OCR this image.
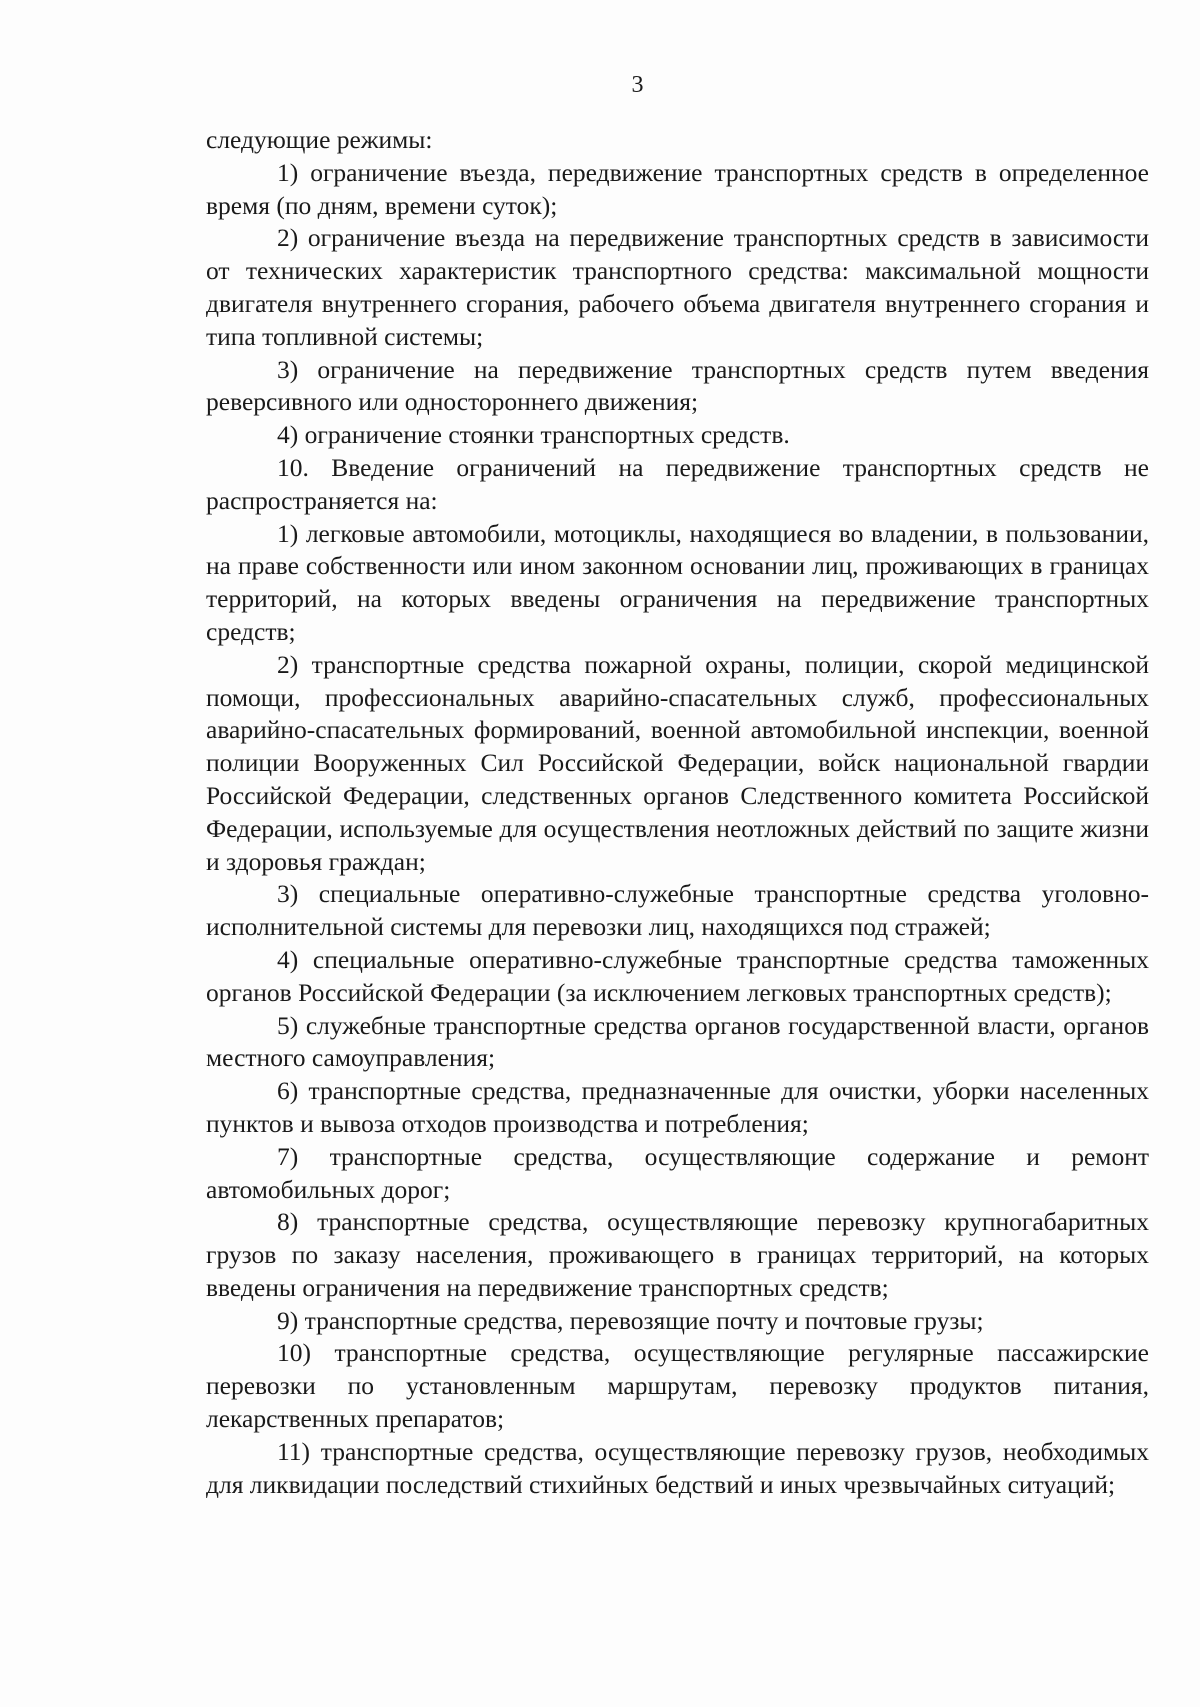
3

следующие режимы:

1) ограничение въезда, передвижение транспортных средств в определенное время (по дням, времени суток);

2) ограничение въезда на передвижение транспортных средств в зависимости от технических характеристик транспортного средства: максимальной мощности двигателя внутреннего сгорания, рабочего объема двигателя внутреннего сгорания и типа топливной системы;

3) ограничение на передвижение транспортных средств путем введения реверсивного или одностороннего движения;

4) ограничение стоянки транспортных средств.

10. Введение ограничений на передвижение транспортных средств не распространяется на:

1) легковые автомобили, мотоциклы, находящиеся во владении, в пользовании, на праве собственности или ином законном основании лиц, проживающих в границах территорий, на которых введены ограничения на передвижение транспортных средств;

2) транспортные средства пожарной охраны, полиции, скорой медицинской помощи, профессиональных аварийно-спасательных служб, профессиональных аварийно-спасательных формирований, военной автомобильной инспекции, военной полиции Вооруженных Сил Российской Федерации, войск национальной гвардии Российской Федерации, следственных органов Следственного комитета Российской Федерации, используемые для осуществления неотложных действий по защите жизни и здоровья граждан;

3) специальные оперативно-служебные транспортные средства уголовно-исполнительной системы для перевозки лиц, находящихся под стражей;

4) специальные оперативно-служебные транспортные средства таможенных органов Российской Федерации (за исключением легковых транспортных средств);

5) служебные транспортные средства органов государственной власти, органов местного самоуправления;

6) транспортные средства, предназначенные для очистки, уборки населенных пунктов и вывоза отходов производства и потребления;

7) транспортные средства, осуществляющие содержание и ремонт автомобильных дорог;

8) транспортные средства, осуществляющие перевозку крупногабаритных грузов по заказу населения, проживающего в границах территорий, на которых введены ограничения на передвижение транспортных средств;

9) транспортные средства, перевозящие почту и почтовые грузы;

10) транспортные средства, осуществляющие регулярные пассажирские перевозки по установленным маршрутам, перевозку продуктов питания, лекарственных препаратов;

11) транспортные средства, осуществляющие перевозку грузов, необходимых для ликвидации последствий стихийных бедствий и иных чрезвычайных ситуаций;
